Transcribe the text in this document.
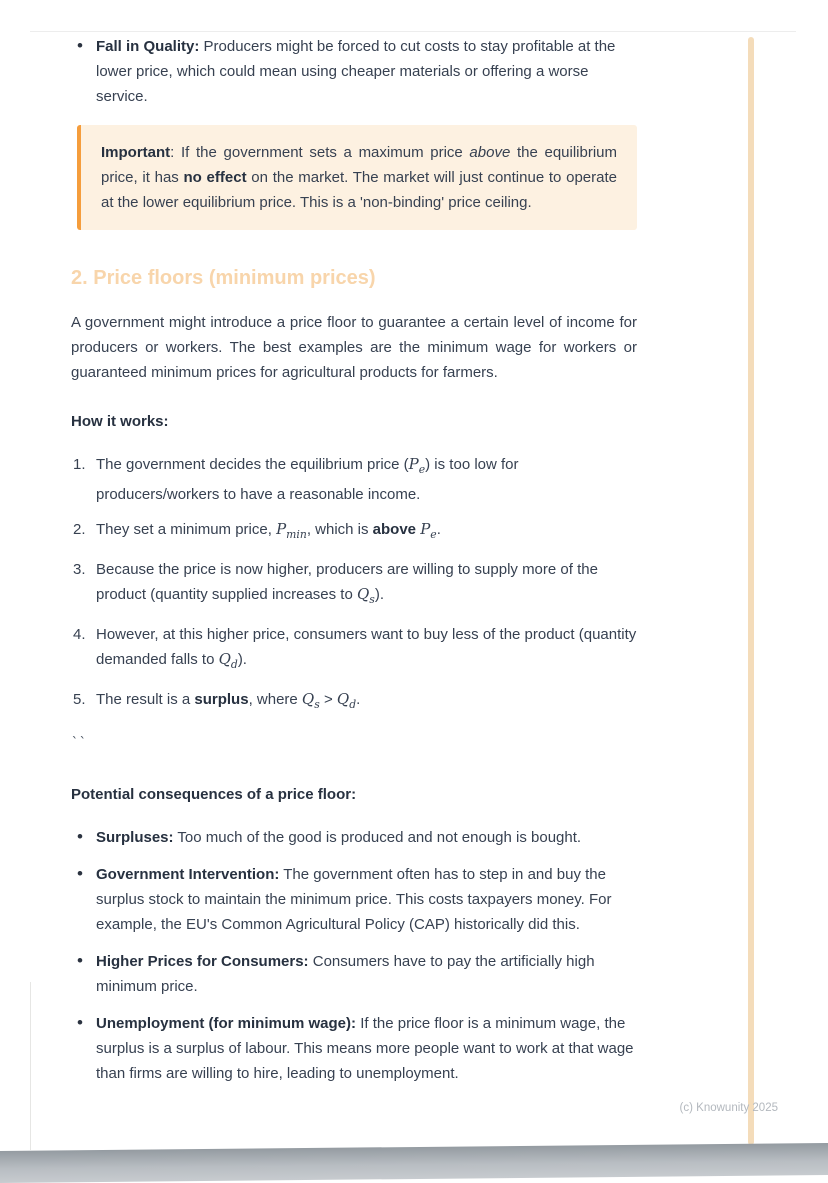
• Fall in Quality: Producers might be forced to cut costs to stay profitable at the lower price, which could mean using cheaper materials or offering a worse service.

Important: If the government sets a maximum price above the equilibrium price, it has no effect on the market. The market will just continue to operate at the lower equilibrium price. This is a 'non-binding' price ceiling.

2. Price floors (minimum prices)

A government might introduce a price floor to guarantee a certain level of income for producers or workers. The best examples are the minimum wage for workers or guaranteed minimum prices for agricultural products for farmers.

How it works:

The government decides the equilibrium price $(P_e)$ is too low for producers/workers to have a reasonable income.
They set a minimum price, $P_{min}$, which is above $P_e$.
Because the price is now higher, producers are willing to supply more of the product (quantity supplied increases to $Q_s$).
However, at this higher price, consumers want to buy less of the product (quantity demanded falls to $Q_d$).
The result is a surplus, where $Q_s > Q_d$.

``

Potential consequences of a price floor:

• Surpluses: Too much of the good is produced and not enough is bought.
• Government Intervention: The government often has to step in and buy the surplus stock to maintain the minimum price. This costs taxpayers money. For example, the EU's Common Agricultural Policy (CAP) historically did this.
• Higher Prices for Consumers: Consumers have to pay the artificially high minimum price.
• Unemployment (for minimum wage): If the price floor is a minimum wage, the surplus is a surplus of labour. This means more people want to work at that wage than firms are willing to hire, leading to unemployment.
(c) Knowunity 2025
